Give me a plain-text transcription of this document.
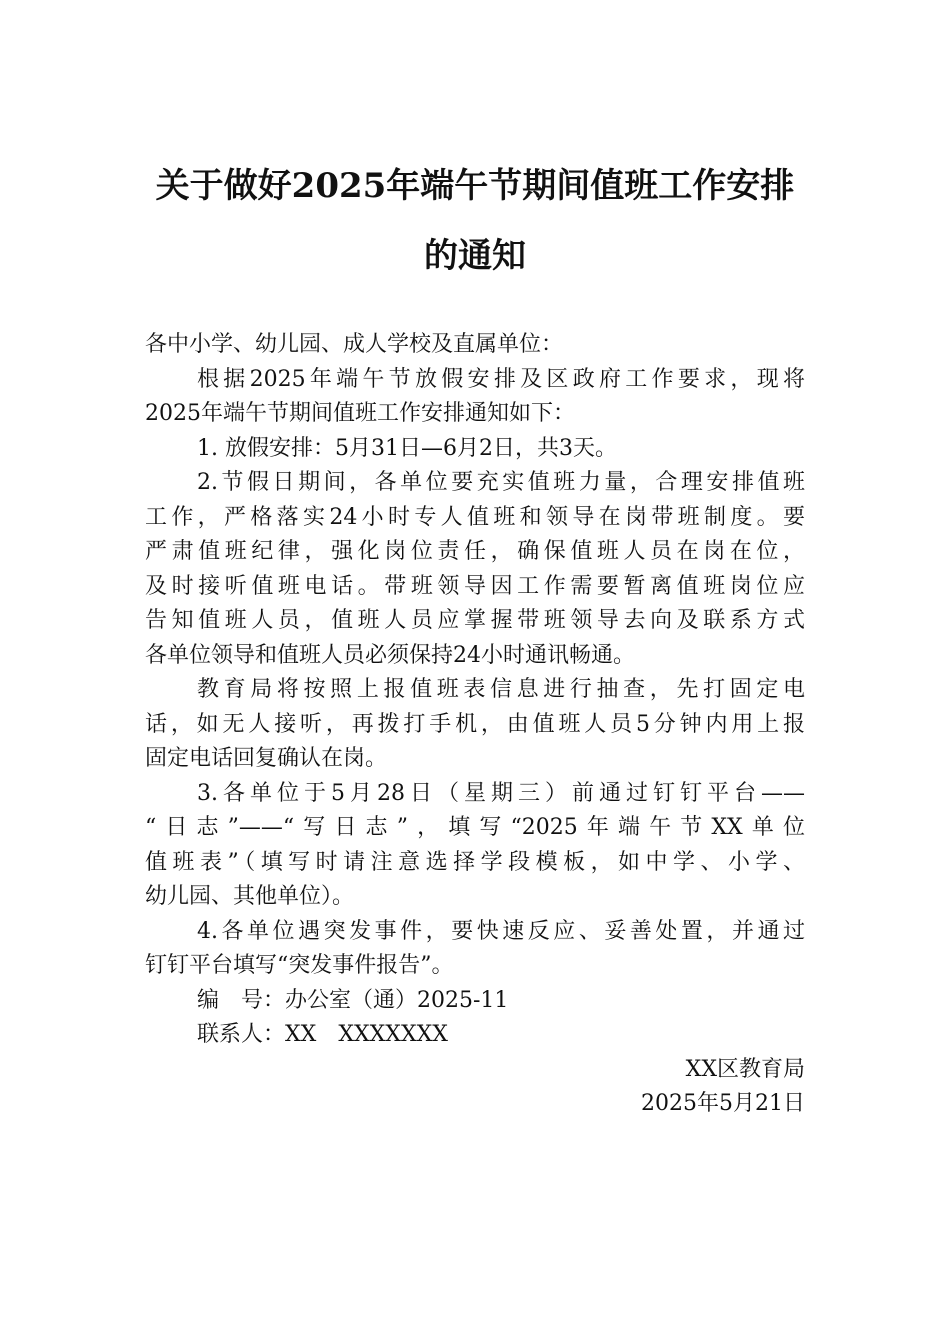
关于做好2025年端午节期间值班工作安排
的通知
各中小学、幼儿园、成人学校及直属单位：
根据2025年端午节放假安排及区政府工作要求，现将
2025年端午节期间值班工作安排通知如下：
1. 放假安排：5月31日—6月2日，共3天。
2.节假日期间，各单位要充实值班力量，合理安排值班
工作，严格落实24小时专人值班和领导在岗带班制度。要
严肃值班纪律，强化岗位责任，确保值班人员在岗在位，
及时接听值班电话。带班领导因工作需要暂离值班岗位应
告知值班人员，值班人员应掌握带班领导去向及联系方式
各单位领导和值班人员必须保持24小时通讯畅通。
教育局将按照上报值班表信息进行抽查，先打固定电
话，如无人接听，再拨打手机，由值班人员5分钟内用上报
固定电话回复确认在岗。
3.各单位于5月28日（星期三）前通过钉钉平台——
“日志”——“写日志”，填写“2025年端午节XX单位
值班表”（填写时请注意选择学段模板，如中学、小学、
幼儿园、其他单位）。
4.各单位遇突发事件，要快速反应、妥善处置，并通过
钉钉平台填写“突发事件报告”。
编　号：办公室（通）2025-11
联系人：XX　XXXXXXX
XX区教育局
2025年5月21日
